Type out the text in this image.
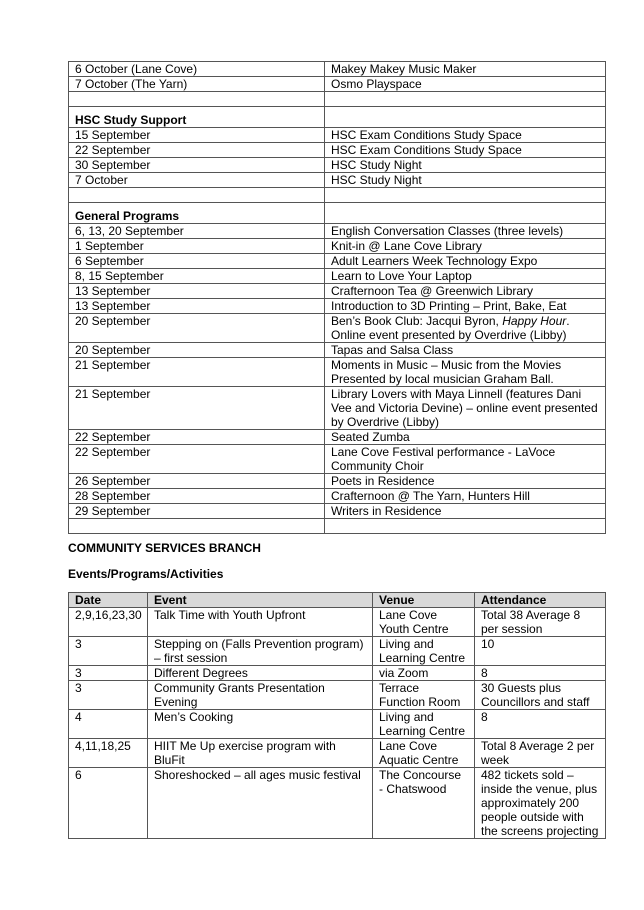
6 October (Lane Cove)	Makey Makey Music Maker
7 October (The Yarn)	Osmo Playspace

HSC Study Support	
15 September	HSC Exam Conditions Study Space
22 September	HSC Exam Conditions Study Space
30 September	HSC Study Night
7 October	HSC Study Night

General Programs	
6, 13, 20 September	English Conversation Classes (three levels)
1 September	Knit-in @ Lane Cove Library
6 September	Adult Learners Week Technology Expo
8, 15 September	Learn to Love Your Laptop
13 September	Crafternoon Tea @ Greenwich Library
13 September	Introduction to 3D Printing – Print, Bake, Eat
20 September	Ben’s Book Club: Jacqui Byron, Happy Hour. Online event presented by Overdrive (Libby)
20 September	Tapas and Salsa Class
21 September	Moments in Music – Music from the Movies Presented by local musician Graham Ball.
21 September	Library Lovers with Maya Linnell (features Dani Vee and Victoria Devine) – online event presented by Overdrive (Libby)
22 September	Seated Zumba
22 September	Lane Cove Festival performance - LaVoce Community Choir
26 September	Poets in Residence
28 September	Crafternoon @ The Yarn, Hunters Hill
29 September	Writers in Residence

COMMUNITY SERVICES BRANCH
Events/Programs/Activities
Date	Event	Venue	Attendance
2,9,16,23,30	Talk Time with Youth Upfront	Lane Cove Youth Centre	Total 38 Average 8 per session
3	Stepping on (Falls Prevention program) – first session	Living and Learning Centre	10
3	Different Degrees	via Zoom	8
3	Community Grants Presentation Evening	Terrace Function Room	30 Guests plus Councillors and staff
4	Men’s Cooking	Living and Learning Centre	8
4,11,18,25	HIIT Me Up exercise program with BluFit	Lane Cove Aquatic Centre	Total 8 Average 2 per week
6	Shoreshocked – all ages music festival	The Concourse - Chatswood	482 tickets sold – inside the venue, plus approximately 200 people outside with the screens projecting
